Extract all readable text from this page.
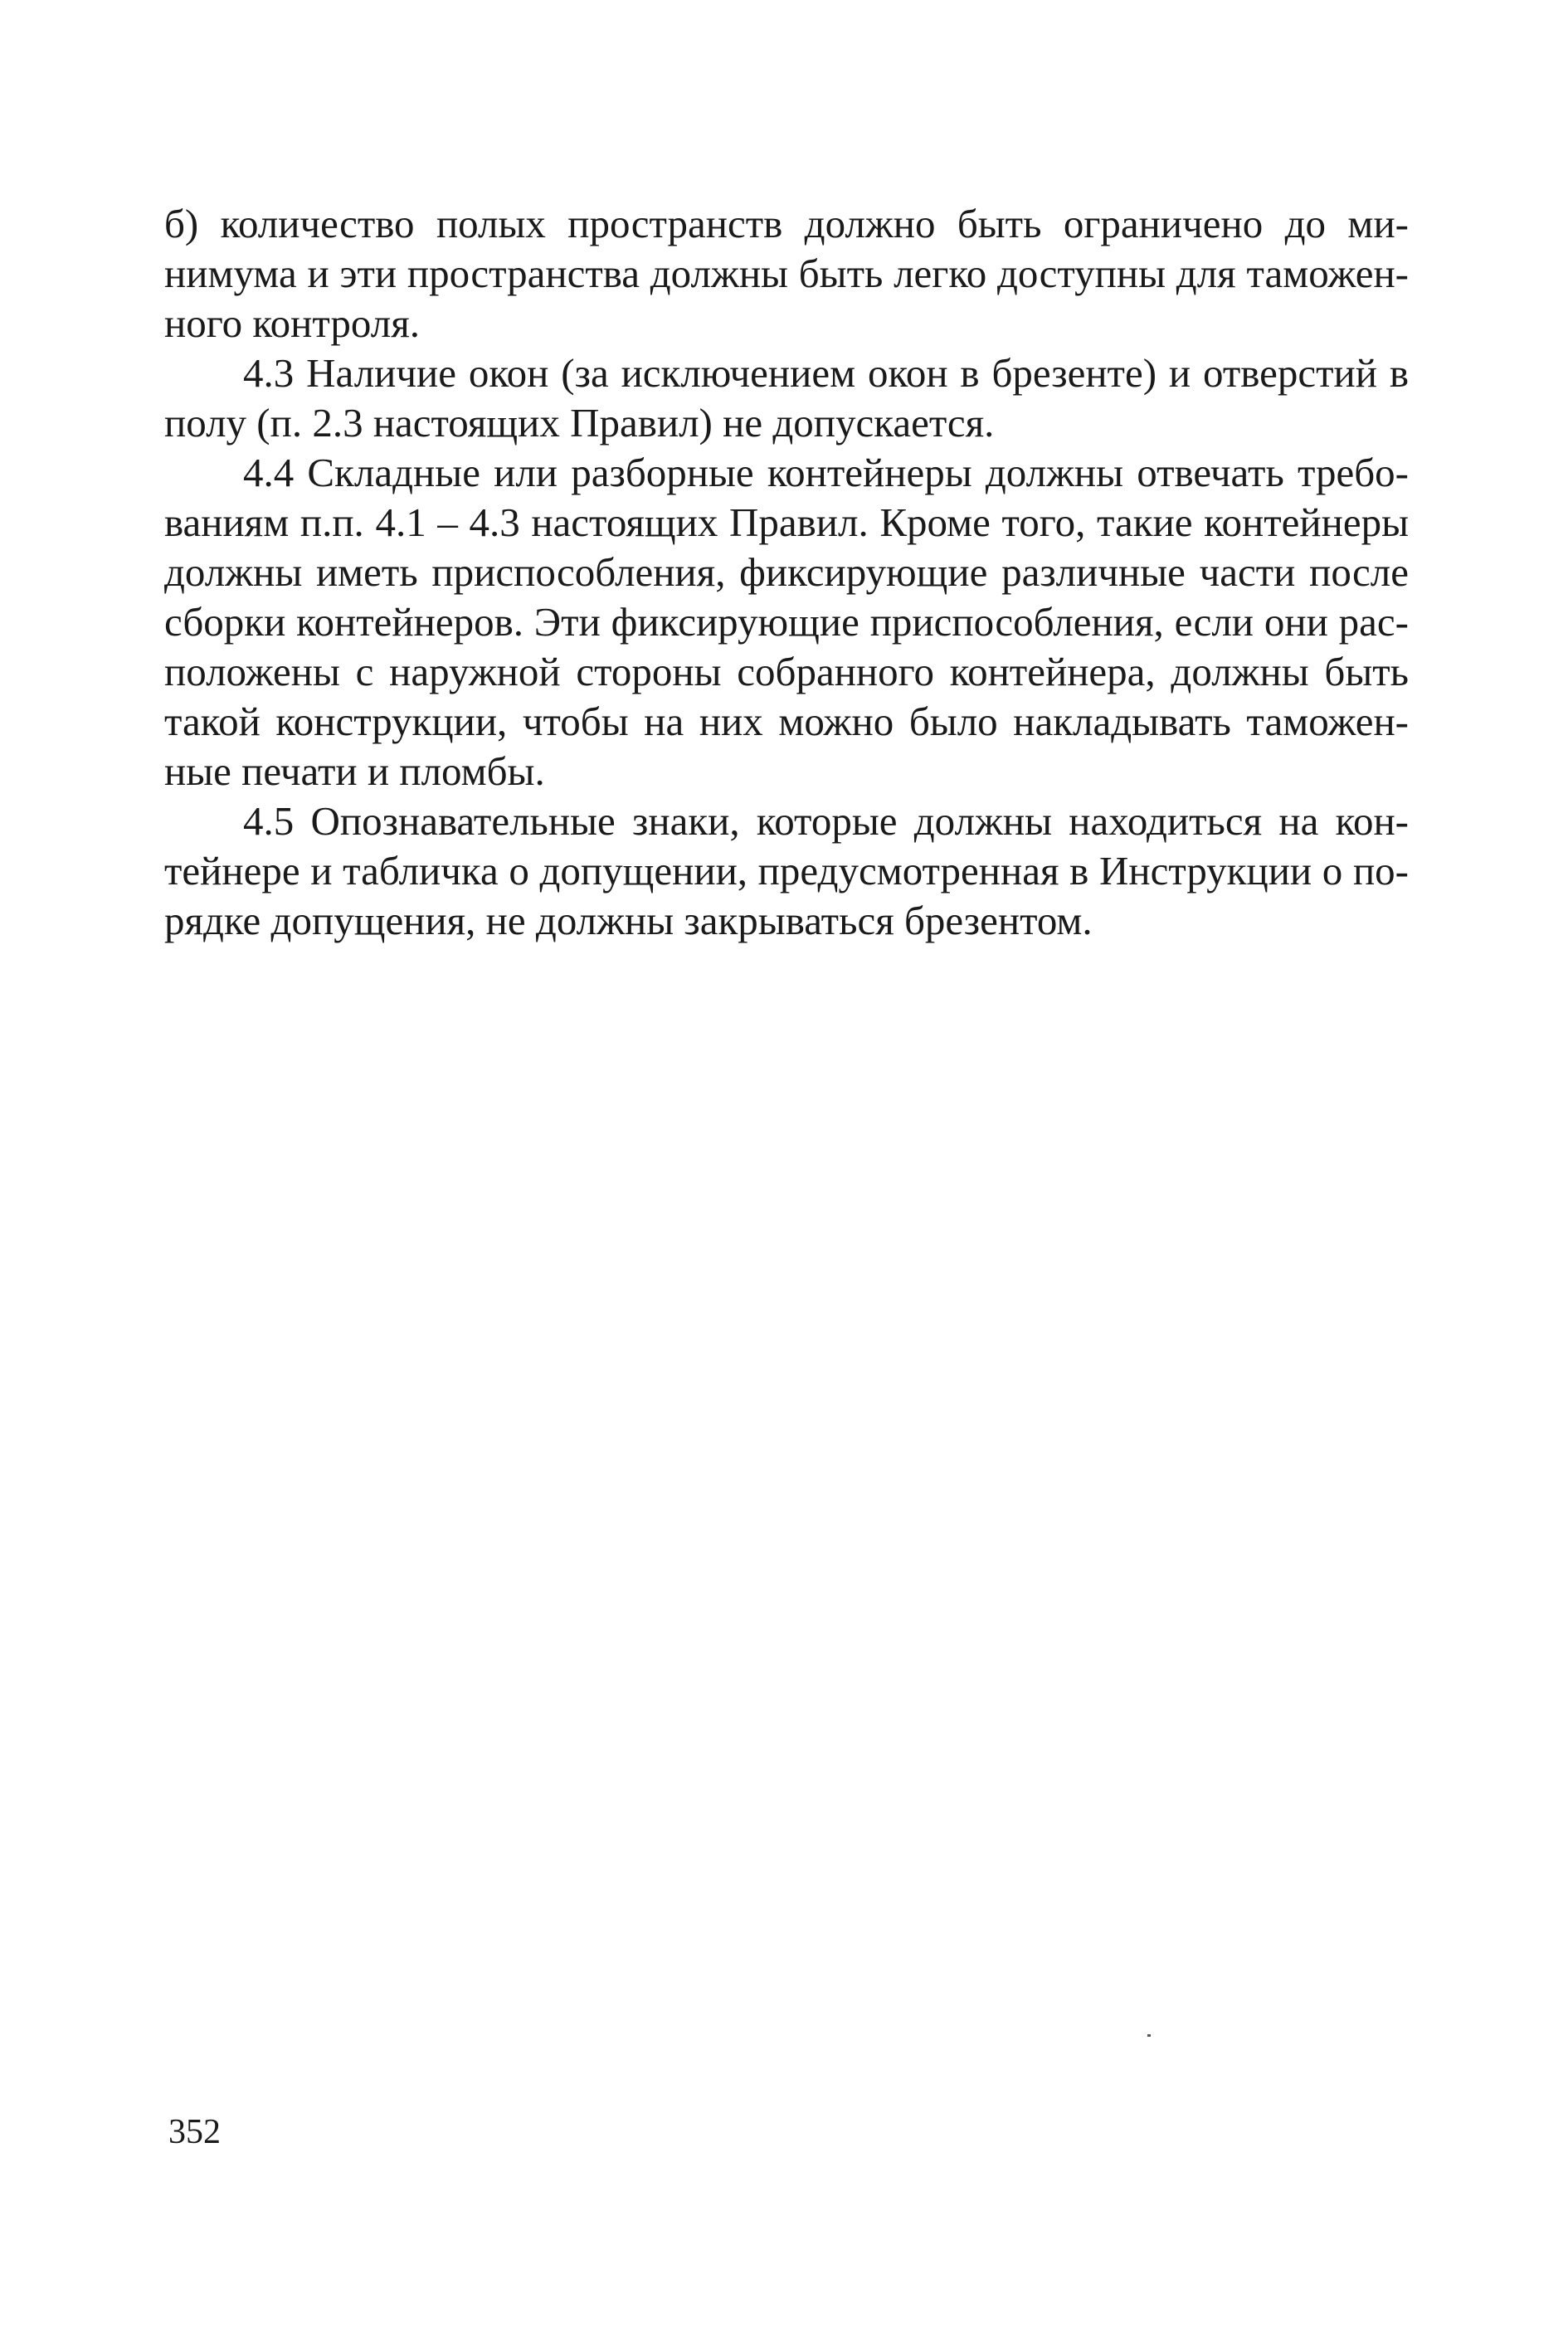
б) количество полых пространств должно быть ограничено до минимума и эти пространства должны быть легко доступны для таможенного контроля.

4.3 Наличие окон (за исключением окон в брезенте) и отверстий в полу (п. 2.3 настоящих Правил) не допускается.

4.4 Складные или разборные контейнеры должны отвечать требованиям п.п. 4.1 – 4.3 настоящих Правил. Кроме того, такие контейнеры должны иметь приспособления, фиксирующие различные части после сборки контейнеров. Эти фиксирующие приспособления, если они расположены с наружной стороны собранного контейнера, должны быть такой конструкции, чтобы на них можно было накладывать таможенные печати и пломбы.

4.5 Опознавательные знаки, которые должны находиться на контейнере и табличка о допущении, предусмотренная в Инструкции о порядке допущения, не должны закрываться брезентом.

352
